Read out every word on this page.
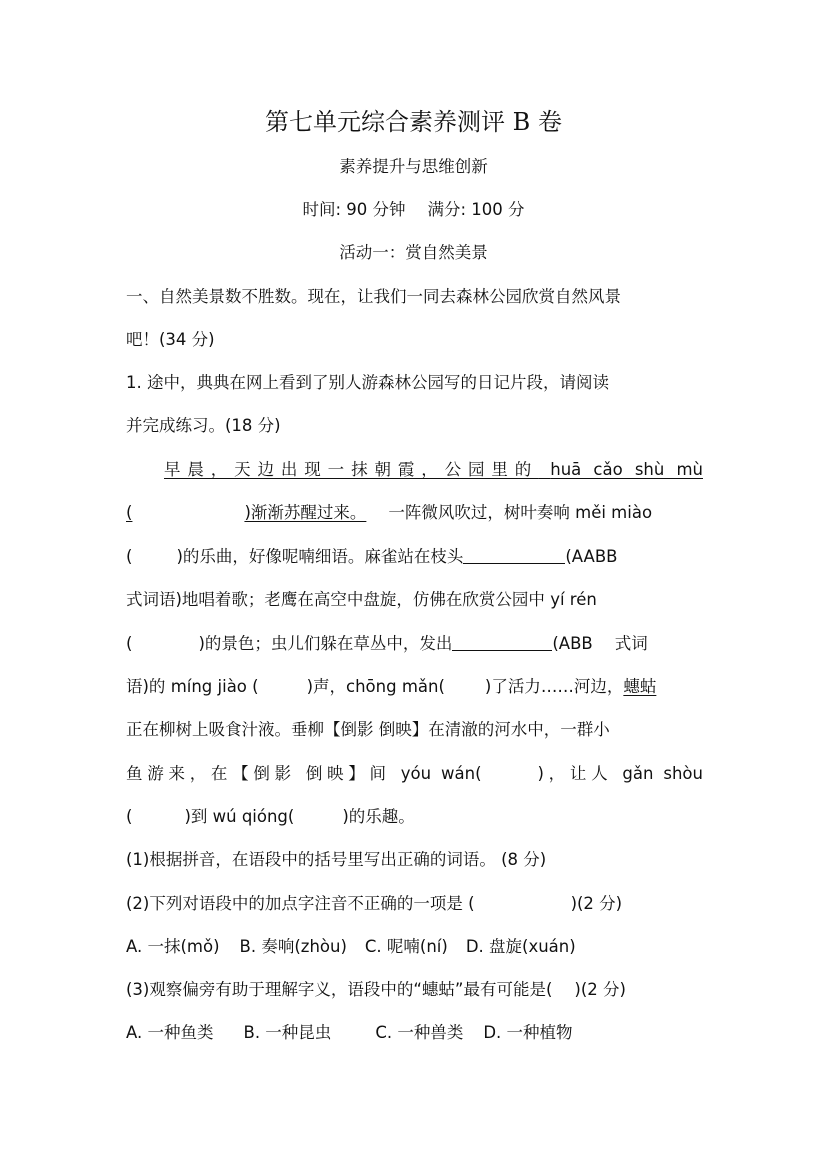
第七单元综合素养测评 B 卷
素养提升与思维创新
时间: 90 分钟 满分: 100 分
活动一：赏自然美景
一、自然美景数不胜数。现在，让我们一同去森林公园欣赏自然风景
吧！(34 分)
1. 途中，典典在网上看到了别人游森林公园写的日记片段，请阅读
并完成练习。(18 分)
早晨，天边出现一抹朝霞，公园里的 huā cǎo shù mù
(	)渐渐苏醒过来。 一阵微风吹过，树叶奏响 měi miào
(	)的乐曲，好像呢喃细语。麻雀站在枝头	(AABB
式词语)地唱着歌；老鹰在高空中盘旋，仿佛在欣赏公园中 yí rén
(	)的景色；虫儿们躲在草丛中，发出	(ABB 式词
语)的 míng jiào (	)声，chōng mǎn( )了活力……河边，蟪蛄
正在柳树上吸食汁液。垂柳【倒影 倒映】在清澈的河水中，一群小
鱼游来，在【倒影 倒映】间 yóu wán(	)，让人 gǎn shòu
(	)到 wú qióng(	)的乐趣。
(1)根据拼音，在语段中的括号里写出正确的词语。 (8 分)
(2)下列对语段中的加点字注音不正确的一项是 (	)(2 分)
A. 一抹(mǒ) B. 奏响(zhòu) C. 呢喃(ní) D. 盘旋(xuán)
(3)观察偏旁有助于理解字义，语段中的“蟪蛄”最有可能是( )(2 分)
A. 一种鱼类 B. 一种昆虫	C. 一种兽类 D. 一种植物
